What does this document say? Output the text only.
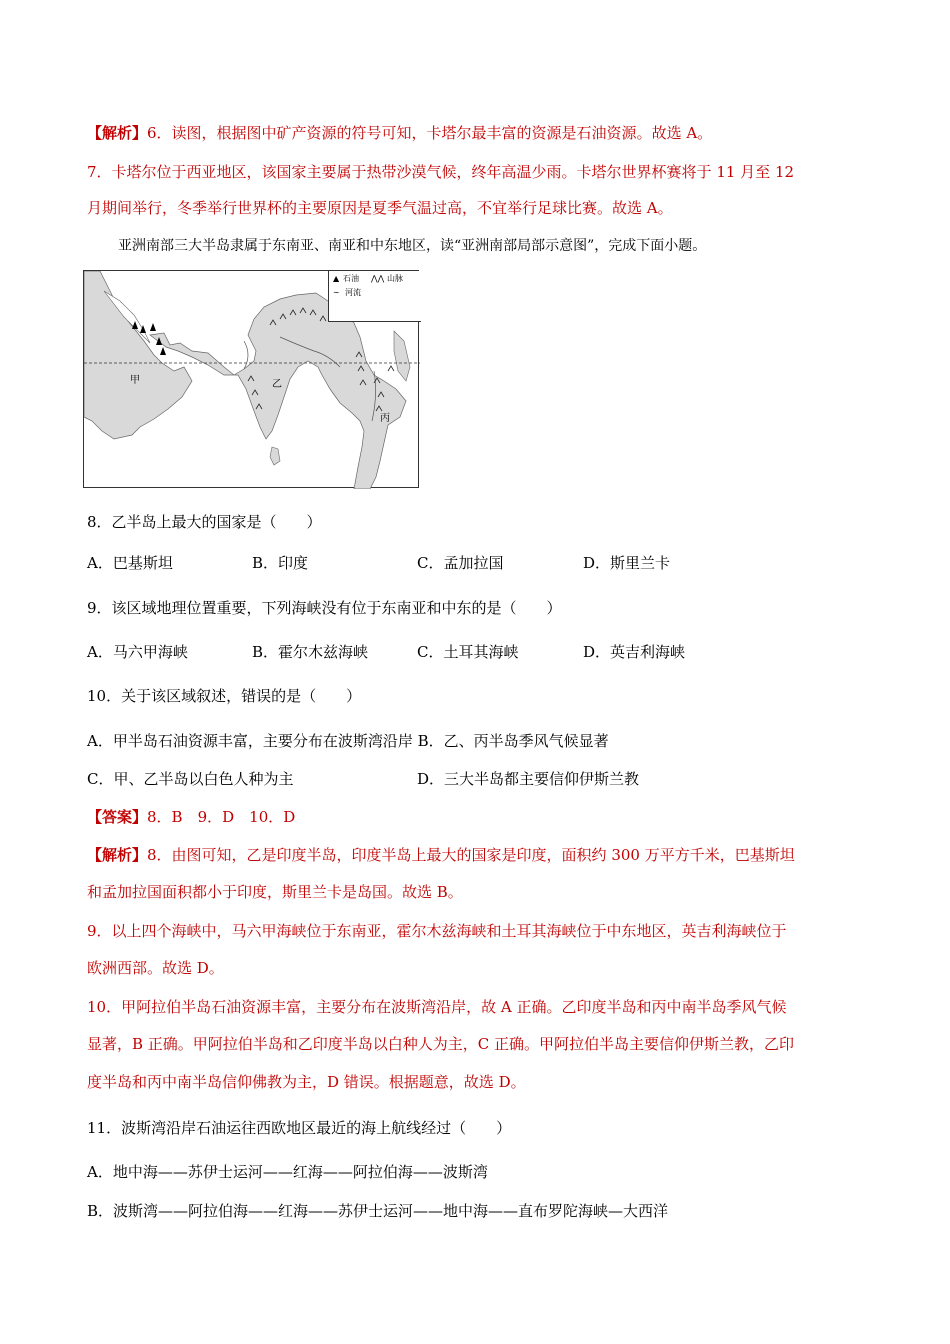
【解析】6．读图，根据图中矿产资源的符号可知，卡塔尔最丰富的资源是石油资源。故选 A。
7．卡塔尔位于西亚地区，该国家主要属于热带沙漠气候，终年高温少雨。卡塔尔世界杯赛将于 11 月至 12
月期间举行，冬季举行世界杯的主要原因是夏季气温过高，不宜举行足球比赛。故选 A。
亚洲南部三大半岛隶属于东南亚、南亚和中东地区，读“亚洲南部局部示意图”，完成下面小题。
▲ 石油 ⋀⋀ 山脉
∼ 河流
甲	乙
丙
8．乙半岛上最大的国家是（　　）
A．巴基斯坦	B．印度	C．孟加拉国	D．斯里兰卡
9．该区域地理位置重要，下列海峡没有位于东南亚和中东的是（　　）
A．马六甲海峡	B．霍尔木兹海峡	C．土耳其海峡	D．英吉利海峡
10．关于该区域叙述，错误的是（　　）
A．甲半岛石油资源丰富，主要分布在波斯湾沿岸 B．乙、丙半岛季风气候显著
C．甲、乙半岛以白色人种为主	D．三大半岛都主要信仰伊斯兰教
【答案】8．B　9．D　10．D
【解析】8．由图可知，乙是印度半岛，印度半岛上最大的国家是印度，面积约 300 万平方千米，巴基斯坦
和孟加拉国面积都小于印度，斯里兰卡是岛国。故选 B。
9．以上四个海峡中，马六甲海峡位于东南亚，霍尔木兹海峡和土耳其海峡位于中东地区，英吉利海峡位于
欧洲西部。故选 D。
10．甲阿拉伯半岛石油资源丰富，主要分布在波斯湾沿岸，故 A 正确。乙印度半岛和丙中南半岛季风气候
显著，B 正确。甲阿拉伯半岛和乙印度半岛以白种人为主，C 正确。甲阿拉伯半岛主要信仰伊斯兰教，乙印
度半岛和丙中南半岛信仰佛教为主，D 错误。根据题意，故选 D。
11．波斯湾沿岸石油运往西欧地区最近的海上航线经过（　　）
A．地中海——苏伊士运河——红海——阿拉伯海——波斯湾
B．波斯湾——阿拉伯海——红海——苏伊士运河——地中海——直布罗陀海峡—大西洋
